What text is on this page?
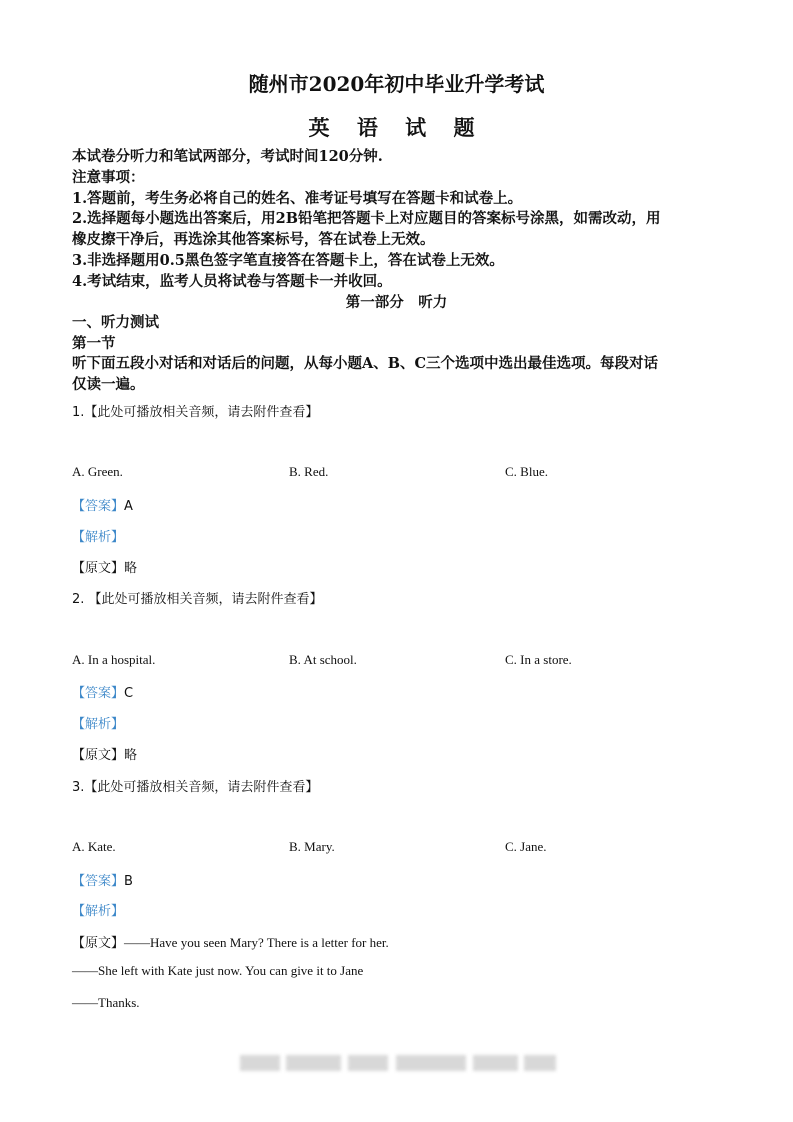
随州市2020年初中毕业升学考试
英 语 试 题
本试卷分听力和笔试两部分，考试时间120分钟.
注意事项：
1.答题前，考生务必将自己的姓名、准考证号填写在答题卡和试卷上。
2.选择题每小题选出答案后，用2B铅笔把答题卡上对应题目的答案标号涂黑，如需改动，用
橡皮擦干净后，再选涂其他答案标号，答在试卷上无效。
3.非选择题用0.5黑色签字笔直接答在答题卡上，答在试卷上无效。
4.考试结束，监考人员将试卷与答题卡一并收回。
第一部分　听力
一、听力测试
第一节
听下面五段小对话和对话后的问题，从每小题A、B、C三个选项中选出最佳选项。每段对话
仅读一遍。
1.【此处可播放相关音频，请去附件查看】
A. Green.	B. Red.	C. Blue.
【答案】A
【解析】
【原文】略
2. 【此处可播放相关音频，请去附件查看】
A. In a hospital.	B. At school.	C. In a store.
【答案】C
【解析】
【原文】略
3.【此处可播放相关音频，请去附件查看】
A. Kate.	B. Mary.	C. Jane.
【答案】B
【解析】
【原文】——Have you seen Mary? There is a letter for her.
——She left with Kate just now. You can give it to Jane
——Thanks.
